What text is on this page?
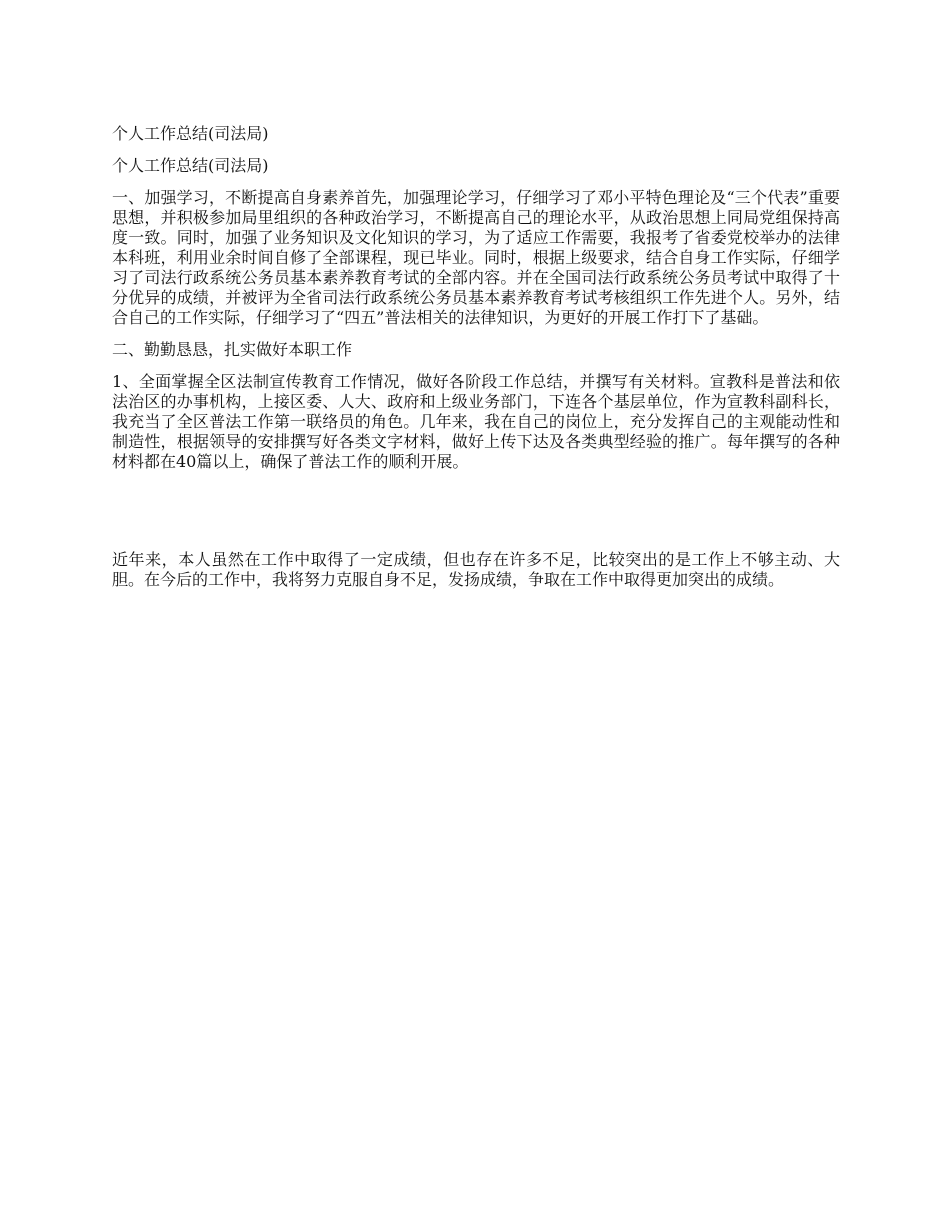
个人工作总结(司法局)

个人工作总结(司法局)

一、加强学习，不断提高自身素养首先，加强理论学习，仔细学习了邓小平特色理论及“三个代表”重要思想，并积极参加局里组织的各种政治学习，不断提高自己的理论水平，从政治思想上同局党组保持高度一致。同时，加强了业务知识及文化知识的学习，为了适应工作需要，我报考了省委党校举办的法律本科班，利用业余时间自修了全部课程，现已毕业。同时，根据上级要求，结合自身工作实际，仔细学习了司法行政系统公务员基本素养教育考试的全部内容。并在全国司法行政系统公务员考试中取得了十分优异的成绩，并被评为全省司法行政系统公务员基本素养教育考试考核组织工作先进个人。另外，结合自己的工作实际，仔细学习了“四五”普法相关的法律知识，为更好的开展工作打下了基础。

二、勤勤恳恳，扎实做好本职工作

1、全面掌握全区法制宣传教育工作情况，做好各阶段工作总结，并撰写有关材料。宣教科是普法和依法治区的办事机构，上接区委、人大、政府和上级业务部门，下连各个基层单位，作为宣教科副科长，我充当了全区普法工作第一联络员的角色。几年来，我在自己的岗位上，充分发挥自己的主观能动性和制造性，根据领导的安排撰写好各类文字材料，做好上传下达及各类典型经验的推广。每年撰写的各种材料都在40篇以上，确保了普法工作的顺利开展。

近年来，本人虽然在工作中取得了一定成绩，但也存在许多不足，比较突出的是工作上不够主动、大胆。在今后的工作中，我将努力克服自身不足，发扬成绩，争取在工作中取得更加突出的成绩。
